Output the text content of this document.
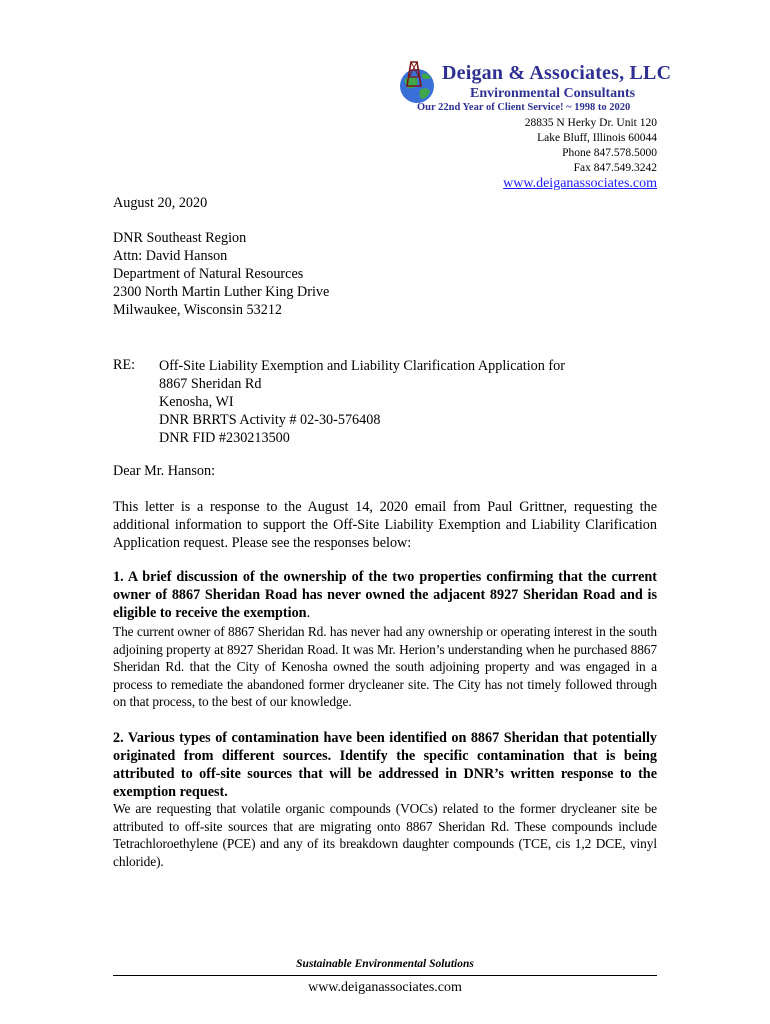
Deigan & Associates, LLC
Environmental Consultants
Our 22nd Year of Client Service! ~ 1998 to 2020
28835 N Herky Dr. Unit 120
Lake Bluff, Illinois 60044
Phone 847.578.5000
Fax 847.549.3242
www.deiganassociates.com
August 20, 2020
DNR Southeast Region
Attn: David Hanson
Department of Natural Resources
2300 North Martin Luther King Drive
Milwaukee, Wisconsin 53212
RE: Off-Site Liability Exemption and Liability Clarification Application for
8867 Sheridan Rd
Kenosha, WI
DNR BRRTS Activity # 02-30-576408
DNR FID #230213500
Dear Mr. Hanson:
This letter is a response to the August 14, 2020 email from Paul Grittner, requesting the additional information to support the Off-Site Liability Exemption and Liability Clarification Application request. Please see the responses below:
1. A brief discussion of the ownership of the two properties confirming that the current owner of 8867 Sheridan Road has never owned the adjacent 8927 Sheridan Road and is eligible to receive the exemption.
The current owner of 8867 Sheridan Rd. has never had any ownership or operating interest in the south adjoining property at 8927 Sheridan Road. It was Mr. Herion’s understanding when he purchased 8867 Sheridan Rd. that the City of Kenosha owned the south adjoining property and was engaged in a process to remediate the abandoned former drycleaner site. The City has not timely followed through on that process, to the best of our knowledge.
2. Various types of contamination have been identified on 8867 Sheridan that potentially originated from different sources. Identify the specific contamination that is being attributed to off-site sources that will be addressed in DNR’s written response to the exemption request.
We are requesting that volatile organic compounds (VOCs) related to the former drycleaner site be attributed to off-site sources that are migrating onto 8867 Sheridan Rd. These compounds include Tetrachloroethylene (PCE) and any of its breakdown daughter compounds (TCE, cis 1,2 DCE, vinyl chloride).
Sustainable Environmental Solutions
www.deiganassociates.com
